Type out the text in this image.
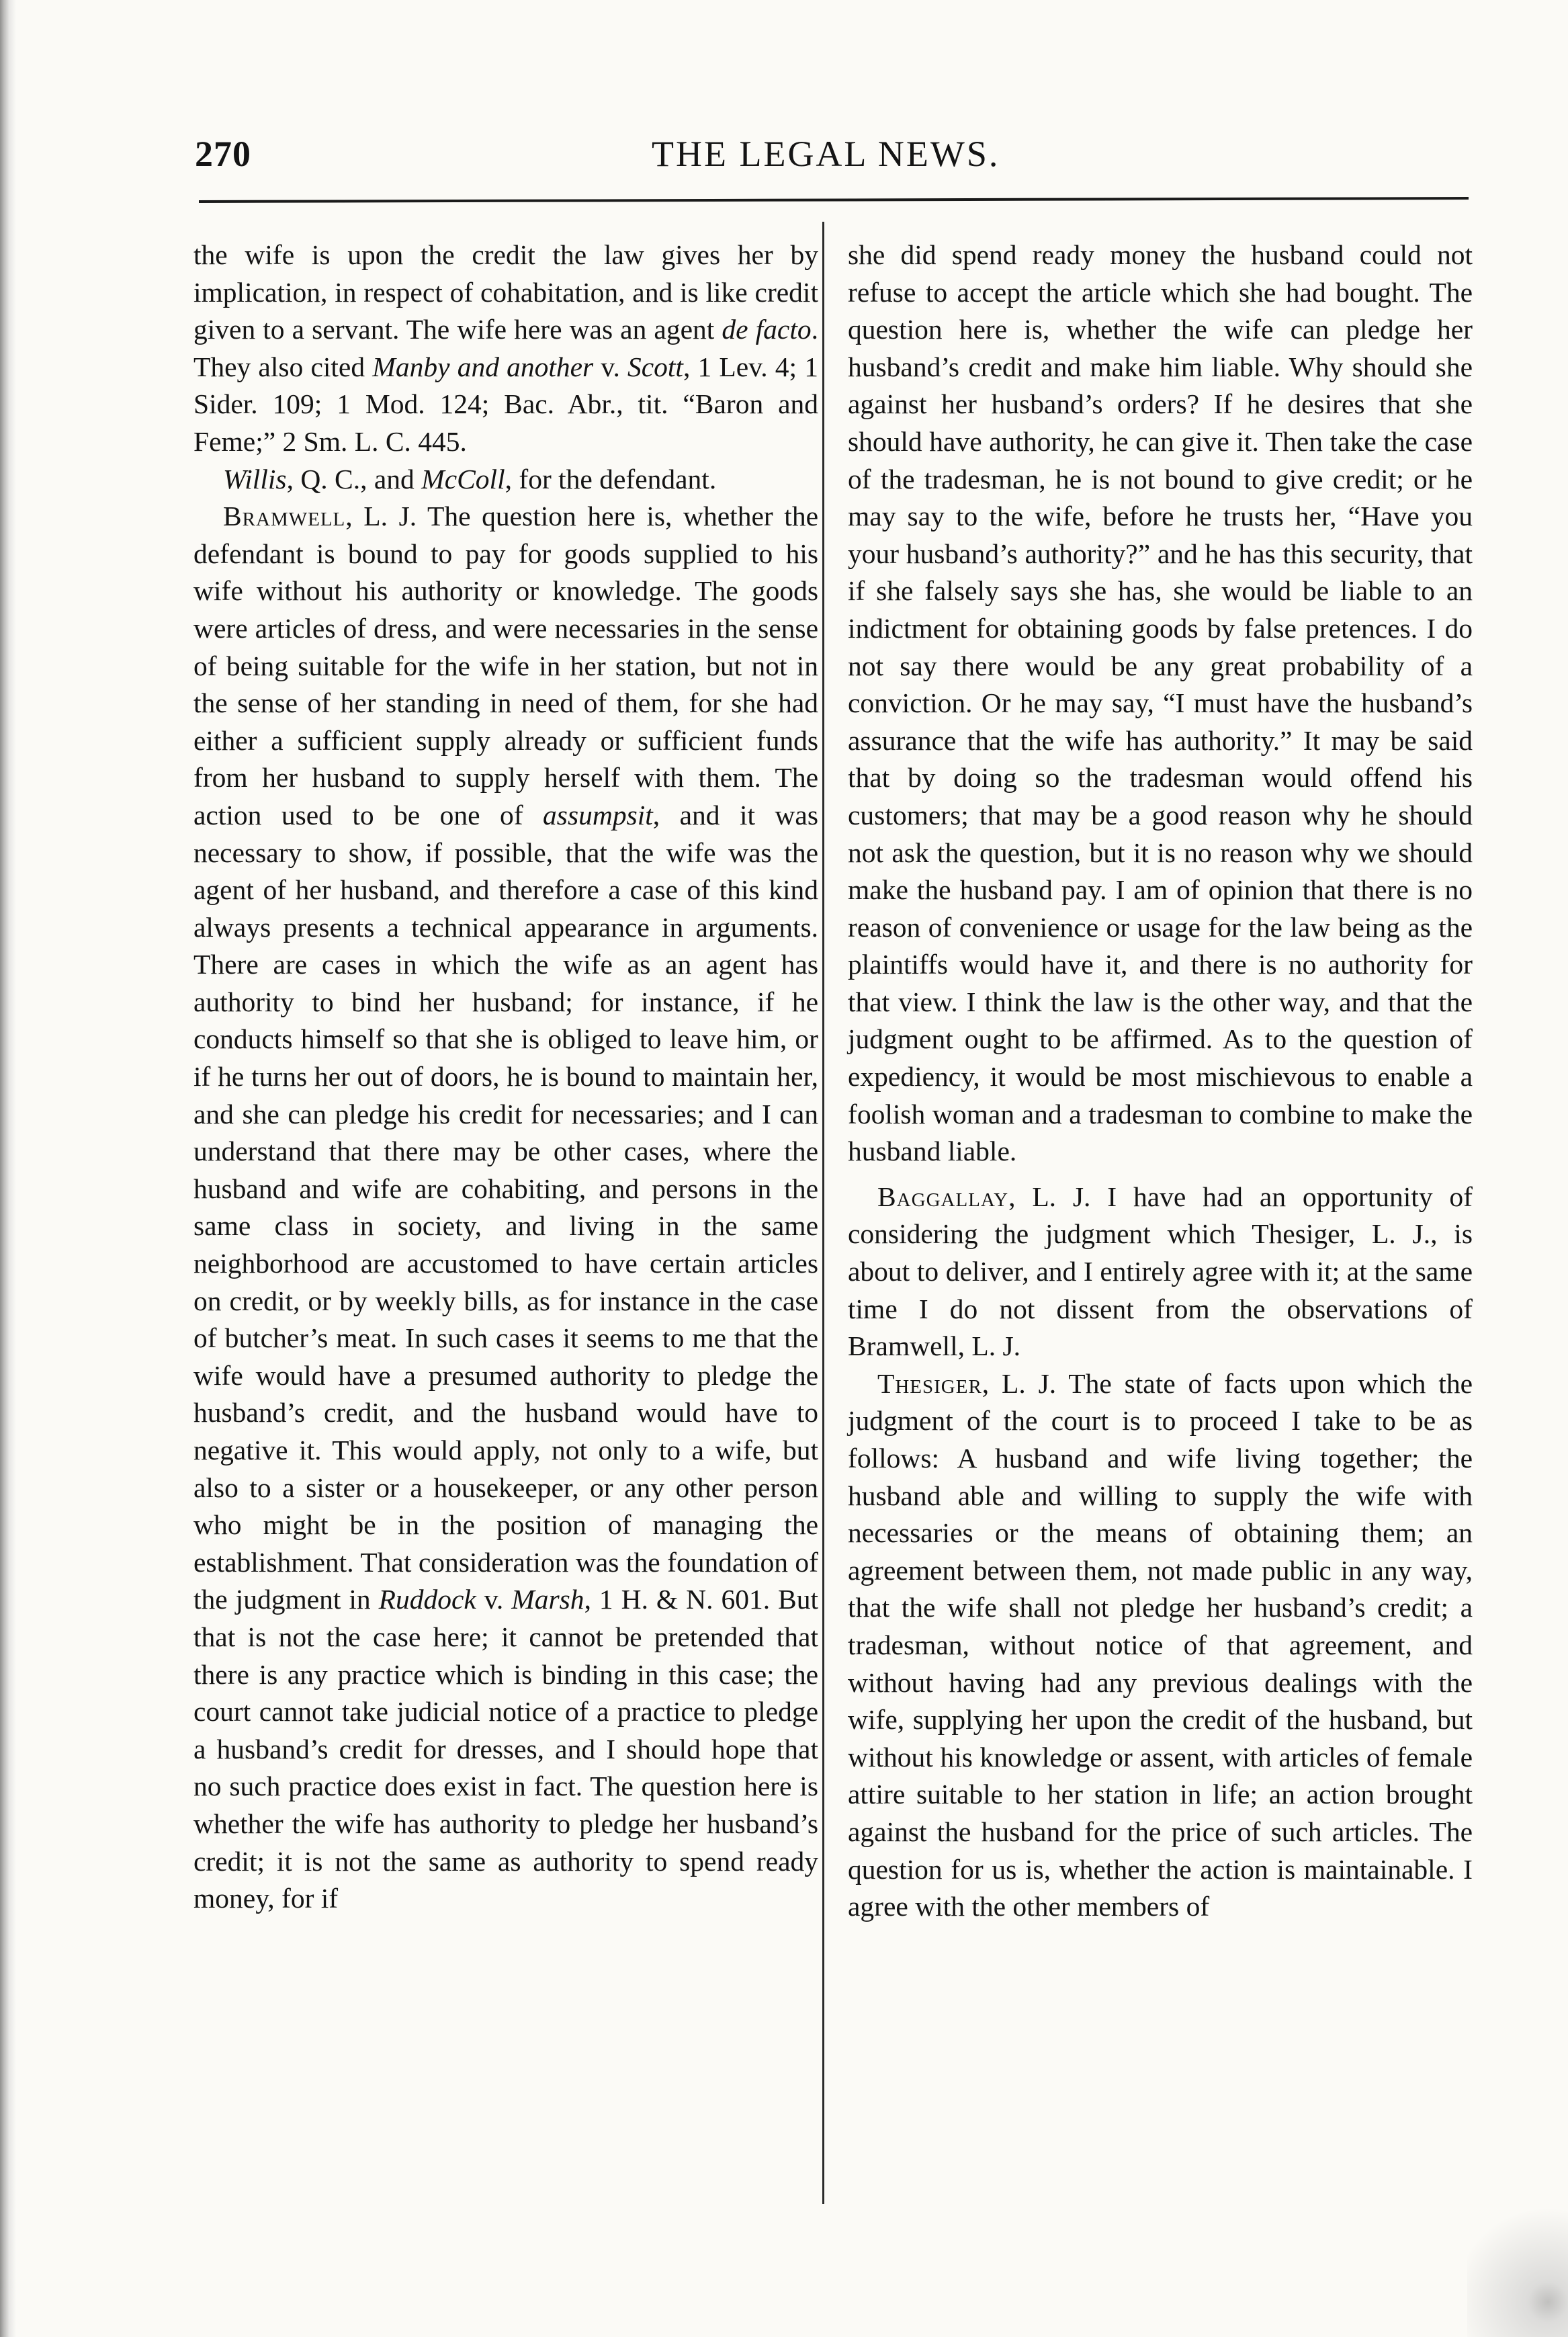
270	THE LEGAL NEWS.

the wife is upon the credit the law gives her by implication, in respect of cohabitation, and is like credit given to a servant. The wife here was an agent de facto. They also cited Manby and another v. Scott, 1 Lev. 4; 1 Sider. 109; 1 Mod. 124; Bac. Abr., tit. “Baron and Feme;” 2 Sm. L. C. 445.

Willis, Q. C., and McColl, for the defendant.

Bramwell, L. J. The question here is, whether the defendant is bound to pay for goods supplied to his wife without his authority or knowledge. The goods were articles of dress, and were necessaries in the sense of being suitable for the wife in her station, but not in the sense of her standing in need of them, for she had either a sufficient supply already or sufficient funds from her husband to supply herself with them. The action used to be one of assumpsit, and it was necessary to show, if possible, that the wife was the agent of her husband, and therefore a case of this kind always presents a technical appearance in arguments. There are cases in which the wife as an agent has authority to bind her husband; for instance, if he conducts himself so that she is obliged to leave him, or if he turns her out of doors, he is bound to maintain her, and she can pledge his credit for necessaries; and I can understand that there may be other cases, where the husband and wife are cohabiting, and persons in the same class in society, and living in the same neighborhood are accustomed to have certain articles on credit, or by weekly bills, as for instance in the case of butcher’s meat. In such cases it seems to me that the wife would have a presumed authority to pledge the husband’s credit, and the husband would have to negative it. This would apply, not only to a wife, but also to a sister or a housekeeper, or any other person who might be in the position of managing the establishment. That consideration was the foundation of the judgment in Ruddock v. Marsh, 1 H. & N. 601. But that is not the case here; it cannot be pretended that there is any practice which is binding in this case; the court cannot take judicial notice of a practice to pledge a husband’s credit for dresses, and I should hope that no such practice does exist in fact. The question here is whether the wife has authority to pledge her husband’s credit; it is not the same as authority to spend ready money, for if

she did spend ready money the husband could not refuse to accept the article which she had bought. The question here is, whether the wife can pledge her husband’s credit and make him liable. Why should she against her husband’s orders? If he desires that she should have authority, he can give it. Then take the case of the tradesman, he is not bound to give credit; or he may say to the wife, before he trusts her, “Have you your husband’s authority?” and he has this security, that if she falsely says she has, she would be liable to an indictment for obtaining goods by false pretences. I do not say there would be any great probability of a conviction. Or he may say, “I must have the husband’s assurance that the wife has authority.” It may be said that by doing so the tradesman would offend his customers; that may be a good reason why he should not ask the question, but it is no reason why we should make the husband pay. I am of opinion that there is no reason of convenience or usage for the law being as the plaintiffs would have it, and there is no authority for that view. I think the law is the other way, and that the judgment ought to be affirmed. As to the question of expediency, it would be most mischievous to enable a foolish woman and a tradesman to combine to make the husband liable.

Baggallay, L. J. I have had an opportunity of considering the judgment which Thesiger, L. J., is about to deliver, and I entirely agree with it; at the same time I do not dissent from the observations of Bramwell, L. J.

Thesiger, L. J. The state of facts upon which the judgment of the court is to proceed I take to be as follows: A husband and wife living together; the husband able and willing to supply the wife with necessaries or the means of obtaining them; an agreement between them, not made public in any way, that the wife shall not pledge her husband’s credit; a tradesman, without notice of that agreement, and without having had any previous dealings with the wife, supplying her upon the credit of the husband, but without his knowledge or assent, with articles of female attire suitable to her station in life; an action brought against the husband for the price of such articles. The question for us is, whether the action is maintainable. I agree with the other members of
